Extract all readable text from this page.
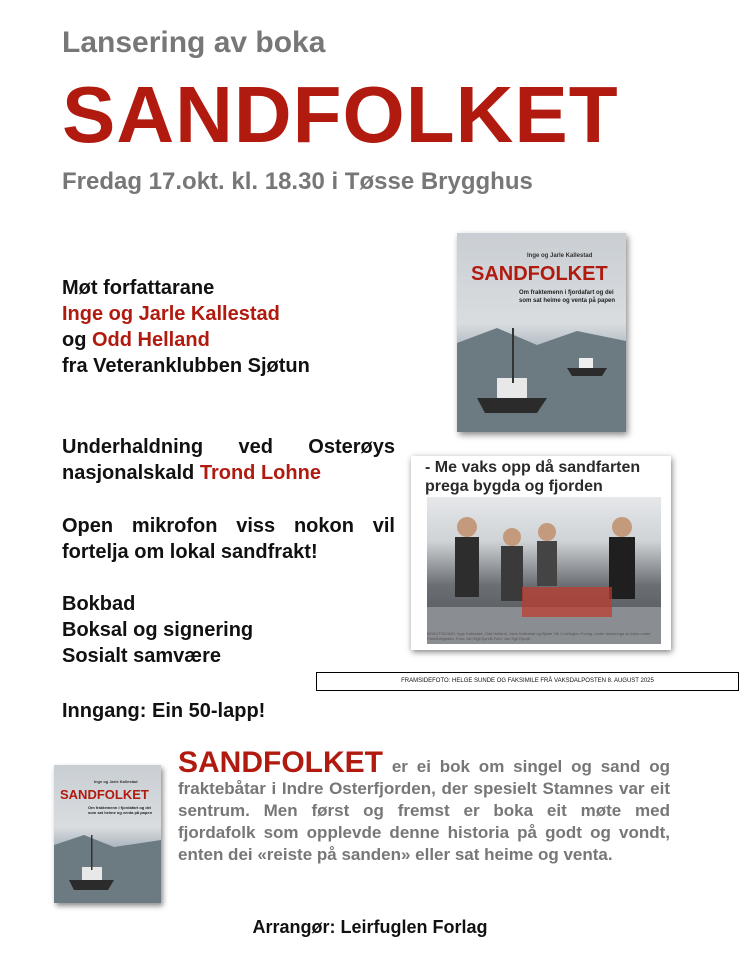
Lansering av boka
SANDFOLKET
Fredag 17.okt. kl. 18.30 i Tøsse Brygghus
Møt forfattarane
Inge og Jarle Kallestad
og Odd Helland
fra Veteranklubben Sjøtun
Underhaldning ved Osterøys nasjonalskald Trond Lohne
Open mikrofon viss nokon vil fortelja om lokal sandfrakt!
Bokbad
Boksal og signering
Sosialt samvære
Inngang: Ein 50-lapp!
Inge og Jarle Kallestad
SANDFOLKET
Om fraktemenn i fjordafart og dei som sat heime og venta på papen
- Me vaks opp då sandfarten prega bygda og fjorden
BOKUTGIVING: Inge Kallestad, Odd Helland, Jarle Kallestad og Bjarte Vik i Leirfuglen Forlag, under lanseringa av boka under Pakethelgedan. Foto: Jan Egil Dyrvik Foto: Jan Egil Dyrvik
FRAMSIDEFOTO: HELGE SUNDE OG FAKSIMILE FRÅ VAKSDALPOSTEN 8. AUGUST 2025
Inge og Jarle Kallestad
SANDFOLKET
Om fraktemenn i fjordafart og dei som sat heime og venta på papen
SANDFOLKET er ei bok om singel og sand og fraktebåtar i Indre Osterfjorden, der spesielt Stamnes var eit sentrum. Men først og fremst er boka eit møte med fjordafolk som opplevde denne historia på godt og vondt, enten dei «reiste på sanden» eller sat heime og venta.
Arrangør: Leirfuglen Forlag
